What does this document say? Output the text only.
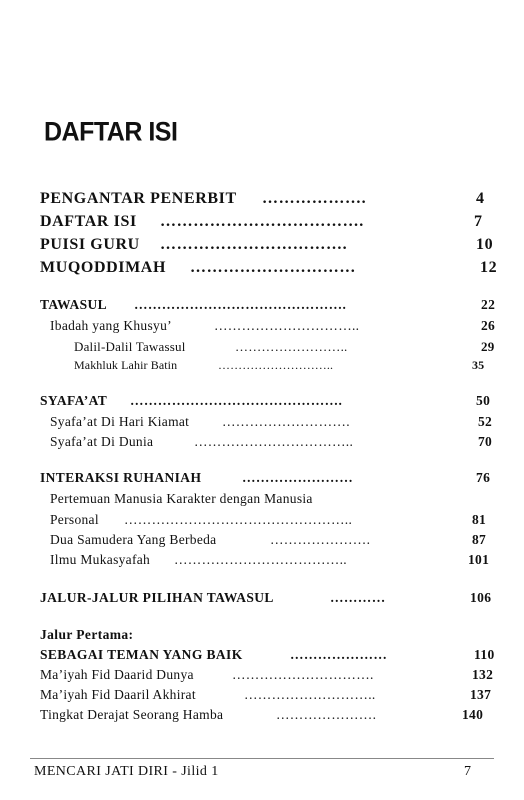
DAFTAR ISI
PENGANTAR PENERBIT ……………….	4
DAFTAR ISI ……………………………….	7
PUISI GURU …………………………….	10
MUQODDIMAH …………………………	12
TAWASUL ……………………………………….	22
Ibadah yang Khusyu’	…………………………..	26
Dalil-Dalil Tawassul	……………………..	29
Makhluk Lahir Batin	………………………..	35
SYAFA’AT ……………………………………….	50
Syafa’at Di Hari Kiamat ……………………….	52
Syafa’at Di Dunia	……………………………..	70
INTERAKSI RUHANIAH	……………………	76
Pertemuan Manusia Karakter dengan Manusia
Personal …………………………………………..	81
Dua Samudera Yang Berbeda	………………….	87
Ilmu Mukasyafah ………………………………..	101
JALUR-JALUR PILIHAN TAWASUL	…………	106
Jalur Pertama:
SEBAGAI TEMAN YANG BAIK	…………………	110
Ma’iyah Fid Daarid Dunya	………………………….	132
Ma’iyah Fid Daaril Akhirat	………………………..	137
Tingkat Derajat Seorang Hamba	………………….	140
MENCARI JATI DIRI - Jilid 1	7
